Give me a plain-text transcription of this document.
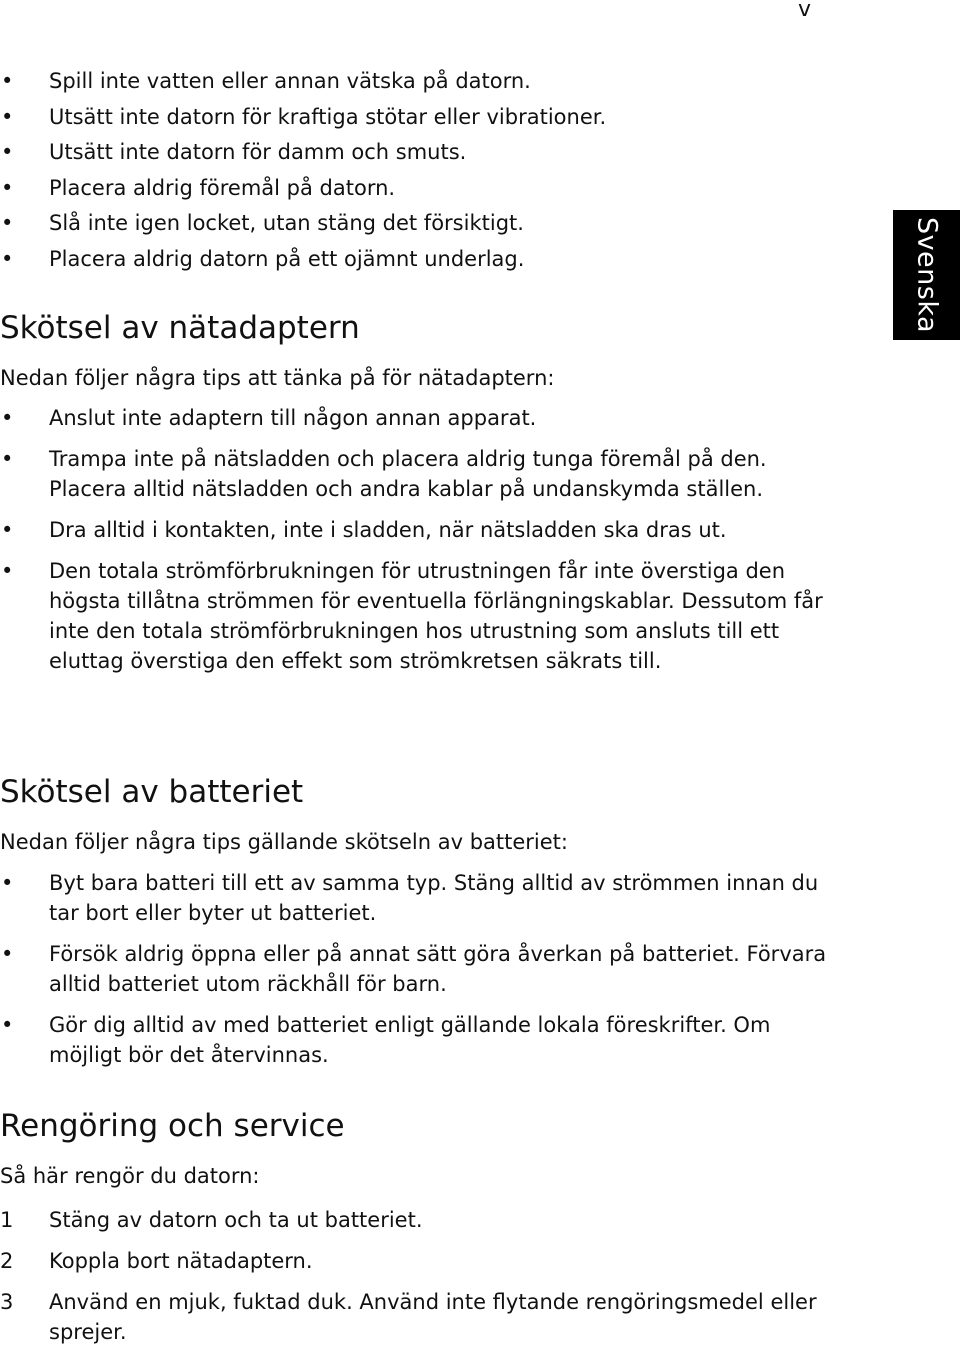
v
Svenska
•	Spill inte vatten eller annan vätska på datorn.
•	Utsätt inte datorn för kraftiga stötar eller vibrationer.
•	Utsätt inte datorn för damm och smuts.
•	Placera aldrig föremål på datorn.
•	Slå inte igen locket, utan stäng det försiktigt.
•	Placera aldrig datorn på ett ojämnt underlag.
Skötsel av nätadaptern

Nedan följer några tips att tänka på för nätadaptern:

•	Anslut inte adaptern till någon annan apparat.
•	Trampa inte på nätsladden och placera aldrig tunga föremål på den. Placera alltid nätsladden och andra kablar på undanskymda ställen.
•	Dra alltid i kontakten, inte i sladden, när nätsladden ska dras ut.
•	Den totala strömförbrukningen för utrustningen får inte överstiga den högsta tillåtna strömmen för eventuella förlängningskablar. Dessutom får inte den totala strömförbrukningen hos utrustning som ansluts till ett eluttag överstiga den effekt som strömkretsen säkrats till.
Skötsel av batteriet

Nedan följer några tips gällande skötseln av batteriet:

•	Byt bara batteri till ett av samma typ. Stäng alltid av strömmen innan du tar bort eller byter ut batteriet.
•	Försök aldrig öppna eller på annat sätt göra åverkan på batteriet. Förvara alltid batteriet utom räckhåll för barn.
•	Gör dig alltid av med batteriet enligt gällande lokala föreskrifter. Om möjligt bör det återvinnas.
Rengöring och service

Så här rengör du datorn:

1	Stäng av datorn och ta ut batteriet.
2	Koppla bort nätadaptern.
3	Använd en mjuk, fuktad duk. Använd inte flytande rengöringsmedel eller sprejer.
